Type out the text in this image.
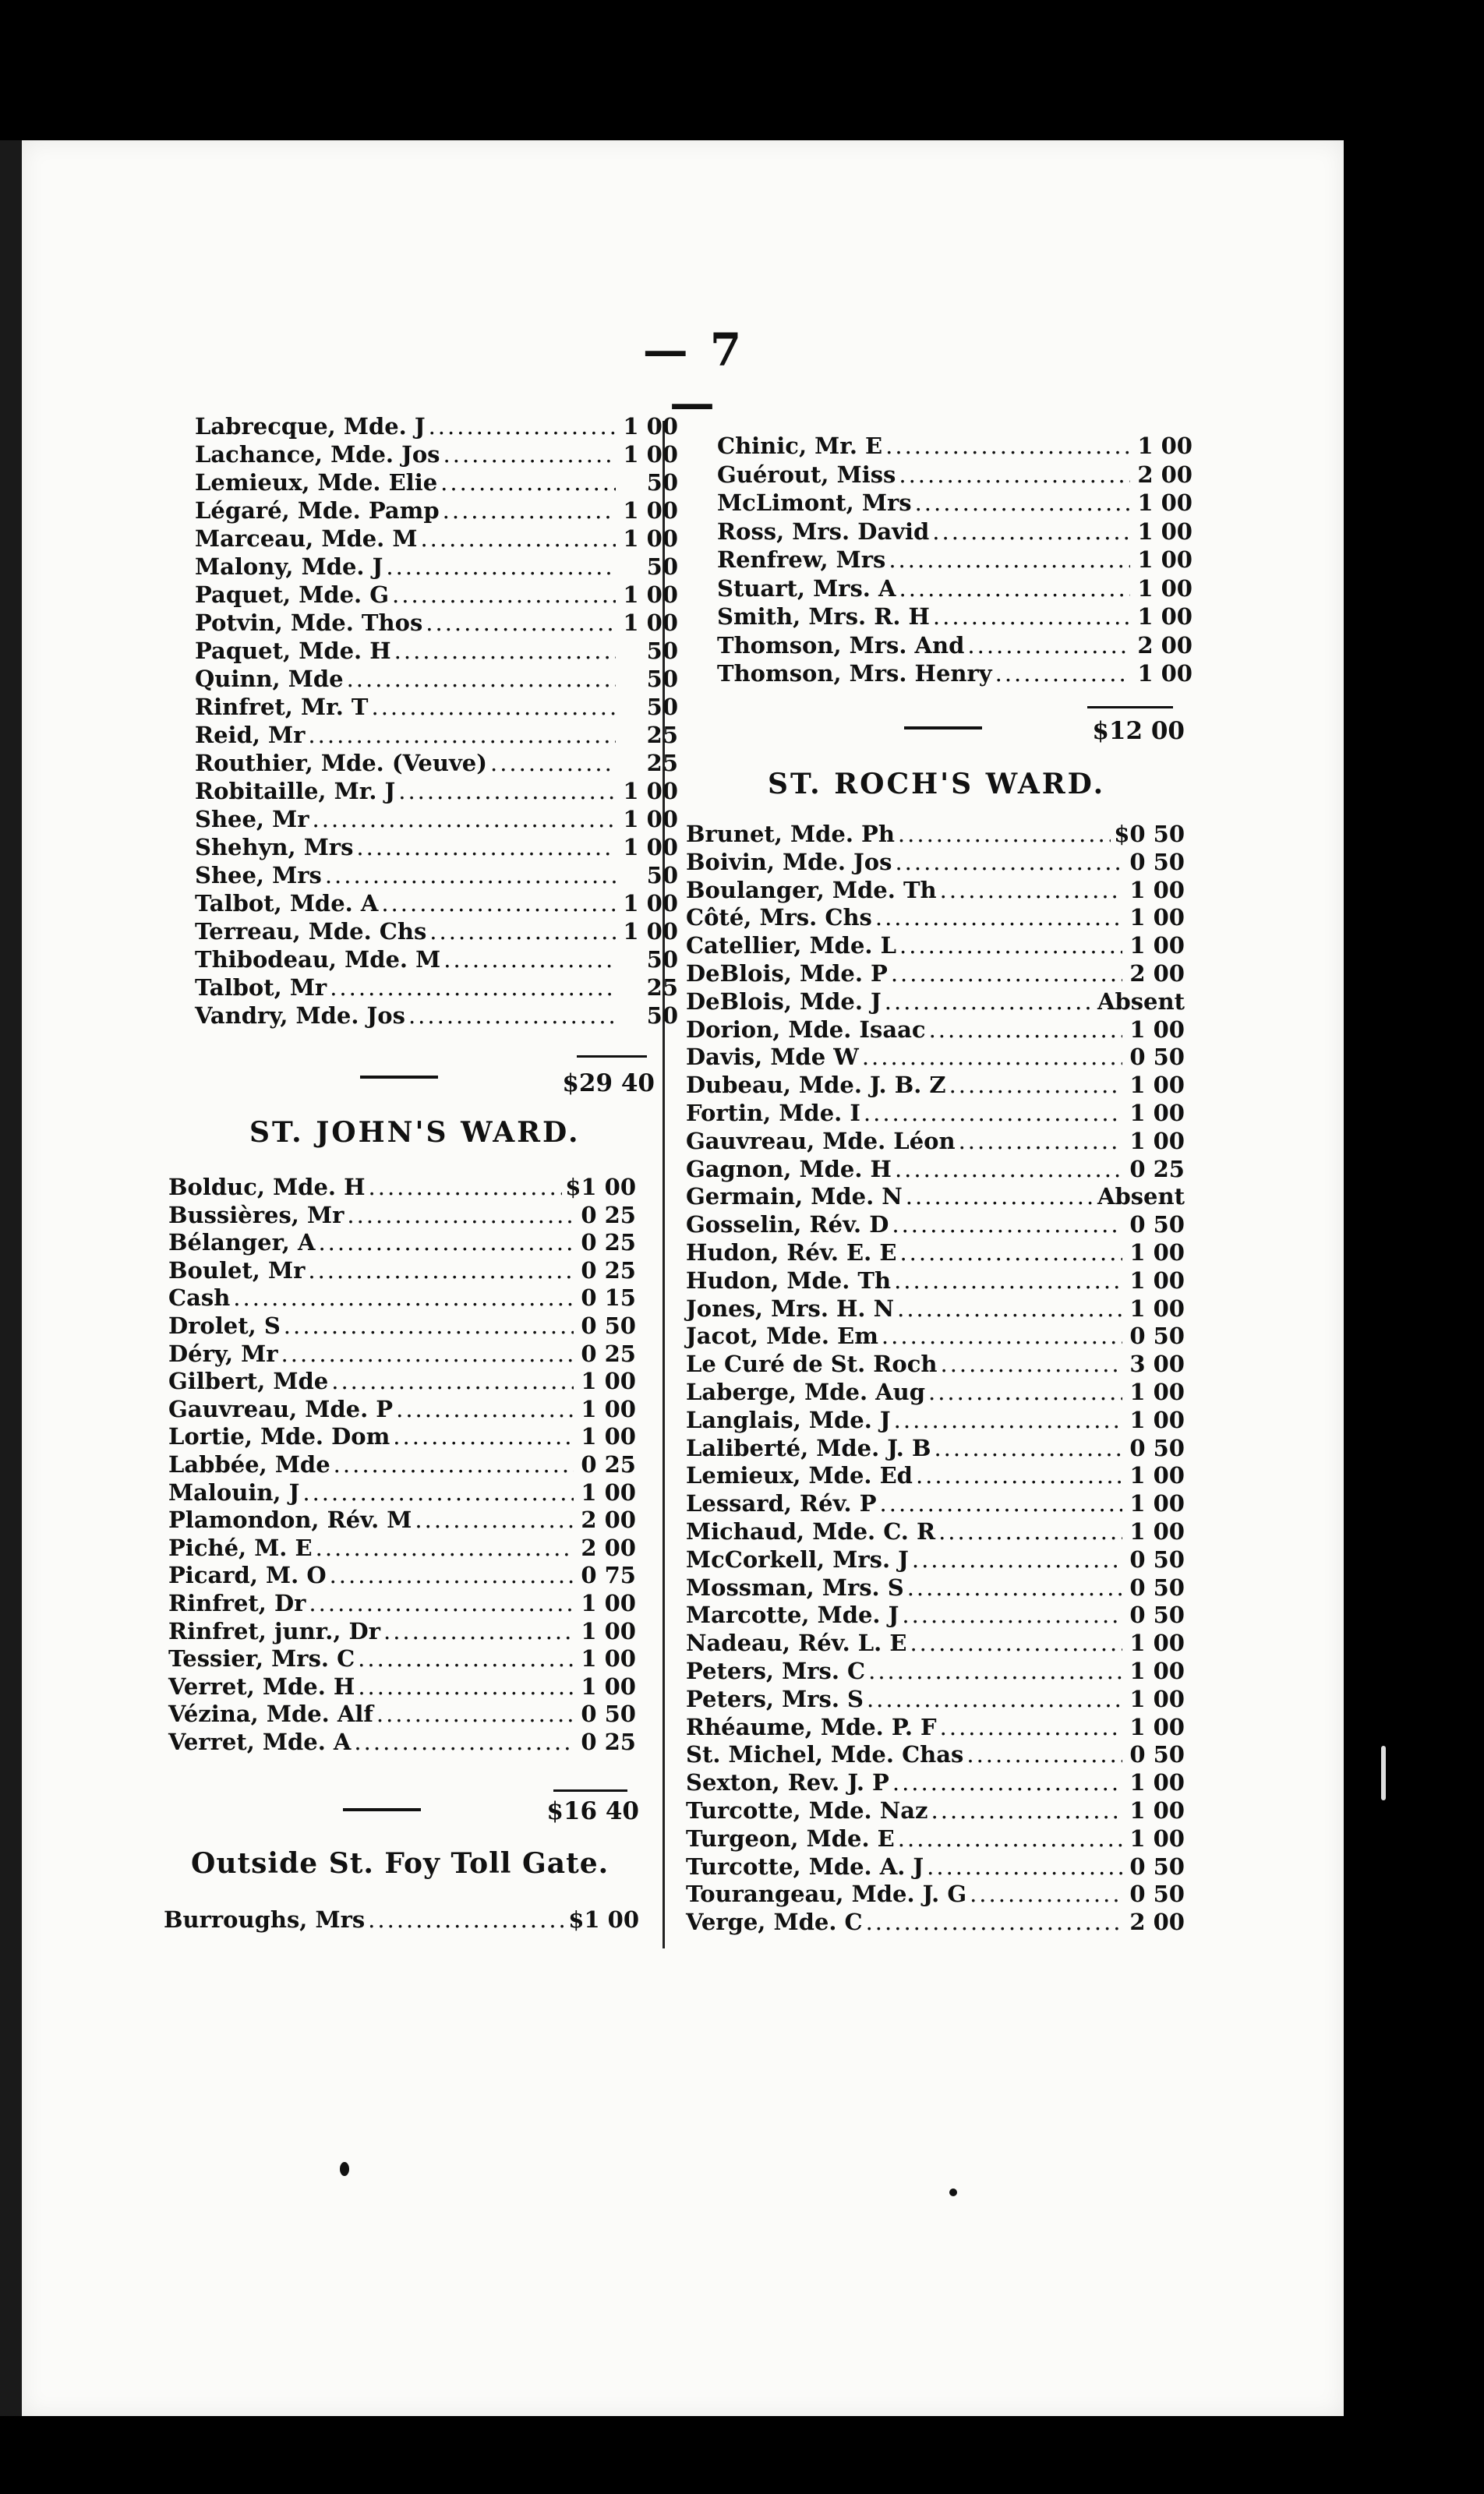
— 7 —
Labrecque, Mde. J .....	1 00
Lachance, Mde. Jos .....	1 00
Lemieux, Mde. Elie .....	50
Légaré, Mde. Pamp .....	1 00
Marceau, Mde. M .....	1 00
Malony, Mde. J .....	50
Paquet, Mde. G .....	1 00
Potvin, Mde. Thos .....	1 00
Paquet, Mde. H .....	50
Quinn, Mde .....	50
Rinfret, Mr. T .....	50
Reid, Mr .....	25
Routhier, Mde. (Veuve) .....	25
Robitaille, Mr. J .....	1 00
Shee, Mr .....	1 00
Shehyn, Mrs .....	1 00
Shee, Mrs .....	50
Talbot, Mde. A .....	1 00
Terreau, Mde. Chs .....	1 00
Thibodeau, Mde. M .....	50
Talbot, Mr .....	25
Vandry, Mde. Jos .....	50
$29 40
ST. JOHN'S WARD.
Bolduc, Mde. H .....	$1 00
Bussières, Mr .....	0 25
Bélanger, A .....	0 25
Boulet, Mr .....	0 25
Cash .....	0 15
Drolet, S .....	0 50
Déry, Mr .....	0 25
Gilbert, Mde .....	1 00
Gauvreau, Mde. P .....	1 00
Lortie, Mde. Dom .....	1 00
Labbée, Mde .....	0 25
Malouin, J .....	1 00
Plamondon, Rév. M .....	2 00
Piché, M. E .....	2 00
Picard, M. O .....	0 75
Rinfret, Dr .....	1 00
Rinfret, junr., Dr .....	1 00
Tessier, Mrs. C .....	1 00
Verret, Mde. H .....	1 00
Vézina, Mde. Alf .....	0 50
Verret, Mde. A .....	0 25
$16 40
Outside St. Foy Toll Gate.
Burroughs, Mrs .....	$1 00
Chinic, Mr. E .....	1 00
Guérout, Miss .....	2 00
McLimont, Mrs .....	1 00
Ross, Mrs. David .....	1 00
Renfrew, Mrs .....	1 00
Stuart, Mrs. A .....	1 00
Smith, Mrs. R. H .....	1 00
Thomson, Mrs. And .....	2 00
Thomson, Mrs. Henry .....	1 00
$12 00
ST. ROCH'S WARD.
Brunet, Mde. Ph .....	$0 50
Boivin, Mde. Jos .....	0 50
Boulanger, Mde. Th .....	1 00
Côté, Mrs. Chs .....	1 00
Catellier, Mde. L .....	1 00
DeBlois, Mde. P .....	2 00
DeBlois, Mde. J .....	Absent
Dorion, Mde. Isaac .....	1 00
Davis, Mde W .....	0 50
Dubeau, Mde. J. B. Z .....	1 00
Fortin, Mde. I .....	1 00
Gauvreau, Mde. Léon .....	1 00
Gagnon, Mde. H .....	0 25
Germain, Mde. N .....	Absent
Gosselin, Rév. D .....	0 50
Hudon, Rév. E. E .....	1 00
Hudon, Mde. Th .....	1 00
Jones, Mrs. H. N .....	1 00
Jacot, Mde. Em .....	0 50
Le Curé de St. Roch .....	3 00
Laberge, Mde. Aug .....	1 00
Langlais, Mde. J .....	1 00
Laliberté, Mde. J. B .....	0 50
Lemieux, Mde. Ed .....	1 00
Lessard, Rév. P .....	1 00
Michaud, Mde. C. R .....	1 00
McCorkell, Mrs. J .....	0 50
Mossman, Mrs. S .....	0 50
Marcotte, Mde. J .....	0 50
Nadeau, Rév. L. E .....	1 00
Peters, Mrs. C .....	1 00
Peters, Mrs. S .....	1 00
Rhéaume, Mde. P. F .....	1 00
St. Michel, Mde. Chas .....	0 50
Sexton, Rev. J. P .....	1 00
Turcotte, Mde. Naz .....	1 00
Turgeon, Mde. E .....	1 00
Turcotte, Mde. A. J .....	0 50
Tourangeau, Mde. J. G .....	0 50
Verge, Mde. C .....	2 00
